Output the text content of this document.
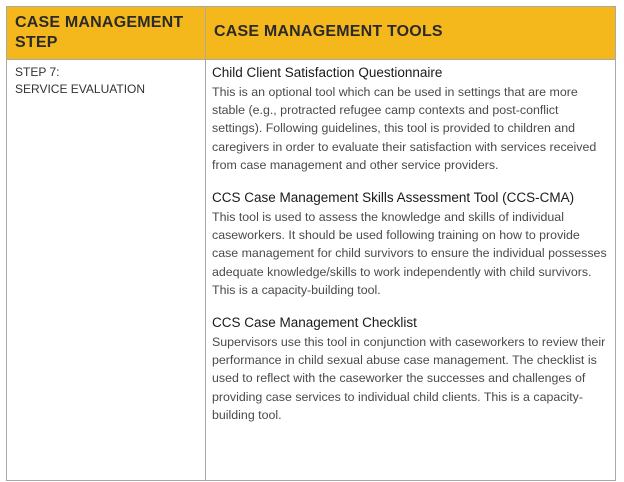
CASE MANAGEMENT STEP
CASE MANAGEMENT TOOLS
STEP 7:
SERVICE EVALUATION
Child Client Satisfaction Questionnaire
This is an optional tool which can be used in settings that are more stable (e.g., protracted refugee camp contexts and post-conflict settings). Following guidelines, this tool is provided to children and caregivers in order to evaluate their satisfaction with services received from case management and other service providers.
CCS Case Management Skills Assessment Tool (CCS-CMA)
This tool is used to assess the knowledge and skills of individual caseworkers. It should be used following training on how to provide case management for child survivors to ensure the individual possesses adequate knowledge/skills to work independently with child survivors. This is a capacity-building tool.
CCS Case Management Checklist
Supervisors use this tool in conjunction with caseworkers to review their performance in child sexual abuse case management. The checklist is used to reflect with the caseworker the successes and challenges of providing case services to individual child clients. This is a capacity-building tool.
